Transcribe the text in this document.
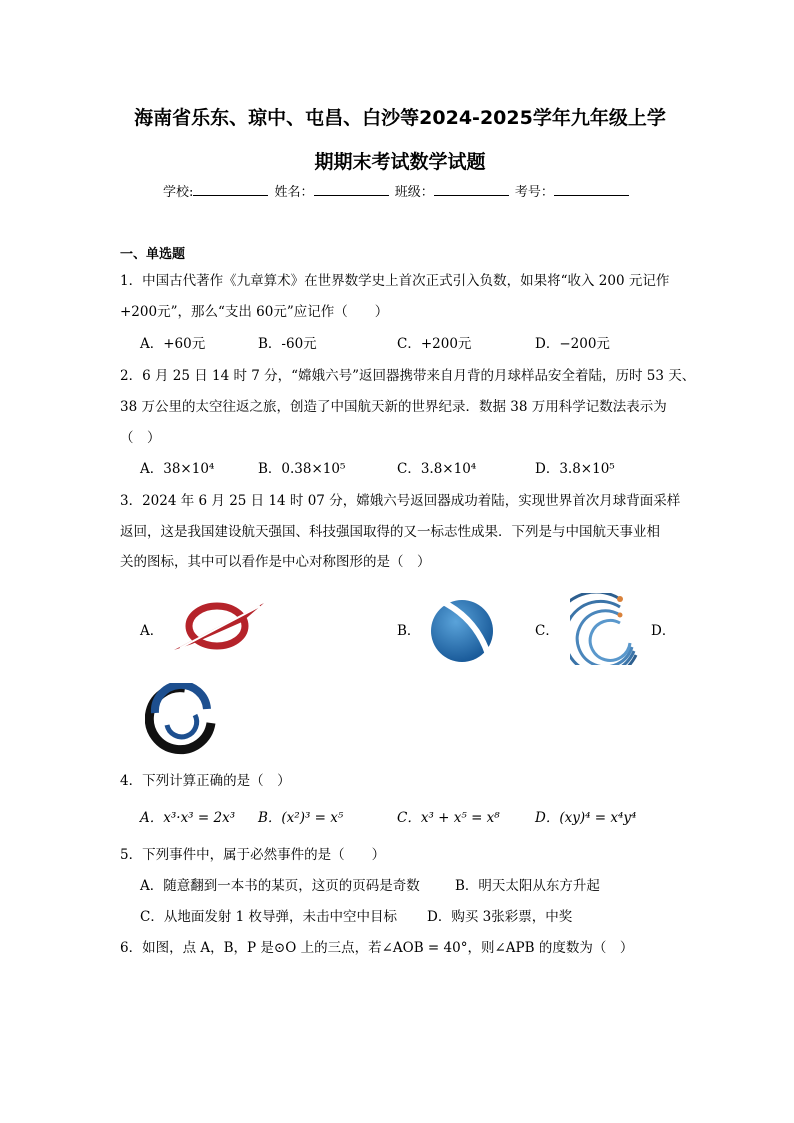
海南省乐东、琼中、屯昌、白沙等2024-2025学年九年级上学
期期末考试数学试题
学校:	姓名：	班级：	考号：
一、单选题
1．中国古代著作《九章算术》在世界数学史上首次正式引入负数，如果将“收入 200 元记作
+200元”，那么“支出 60元”应记作（　　）
A．+60元	B．-60元	C．+200元	D．−200元
2．6 月 25 日 14 时 7 分，“嫦娥六号”返回器携带来自月背的月球样品安全着陆，历时 53 天、
38 万公里的太空往返之旅，创造了中国航天新的世界纪录．数据 38 万用科学记数法表示为
（　）
A．38×10⁴	B．0.38×10⁵	C．3.8×10⁴	D．3.8×10⁵
3．2024 年 6 月 25 日 14 时 07 分，嫦娥六号返回器成功着陆，实现世界首次月球背面采样
返回，这是我国建设航天强国、科技强国取得的又一标志性成果．下列是与中国航天事业相
关的图标，其中可以看作是中心对称图形的是（　）
A．	B．	C．	D．
4．下列计算正确的是（　）
A．x³·x³ = 2x³ B．(x²)³ = x⁵	C．x³ + x⁵ = x⁸	D．(xy)⁴ = x⁴y⁴
5．下列事件中，属于必然事件的是（　　）
A．随意翻到一本书的某页，这页的页码是奇数	B．明天太阳从东方升起
C．从地面发射 1 枚导弹，未击中空中目标 D．购买 3张彩票，中奖
6．如图，点 A，B，P 是⊙O 上的三点，若∠AOB = 40°，则∠APB 的度数为（　）
